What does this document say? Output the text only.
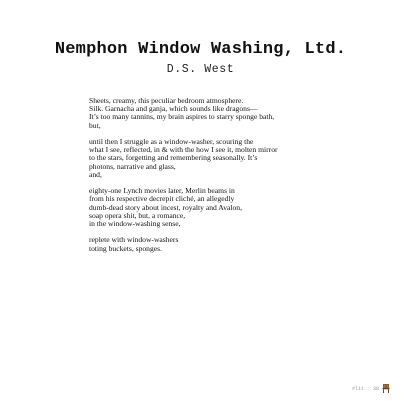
Nemphon Window Washing, Ltd.
D.S. West
Sheets, creamy, this peculiar bedroom atmosphere.
Silk. Garnacha and ganja, which sounds like dragons—
It’s too many tannins, my brain aspires to starry sponge bath,
but,
until then I struggle as a window-washer, scouring the
what I see, reflected, in & with the how I see it, molten mirror
to the stars, forgetting and remembering seasonally. It’s
photons, narrative and glass,
and,
eighty-one Lynch movies later, Merlin beams in
from his respective decrepit cliché, an allegedly
dumb-dead story about incest, royalty and Avalon,
soap opera shit, but, a romance,
in the window-washing sense,
replete with window-washers
toting buckets, sponges.
#lit : 30
